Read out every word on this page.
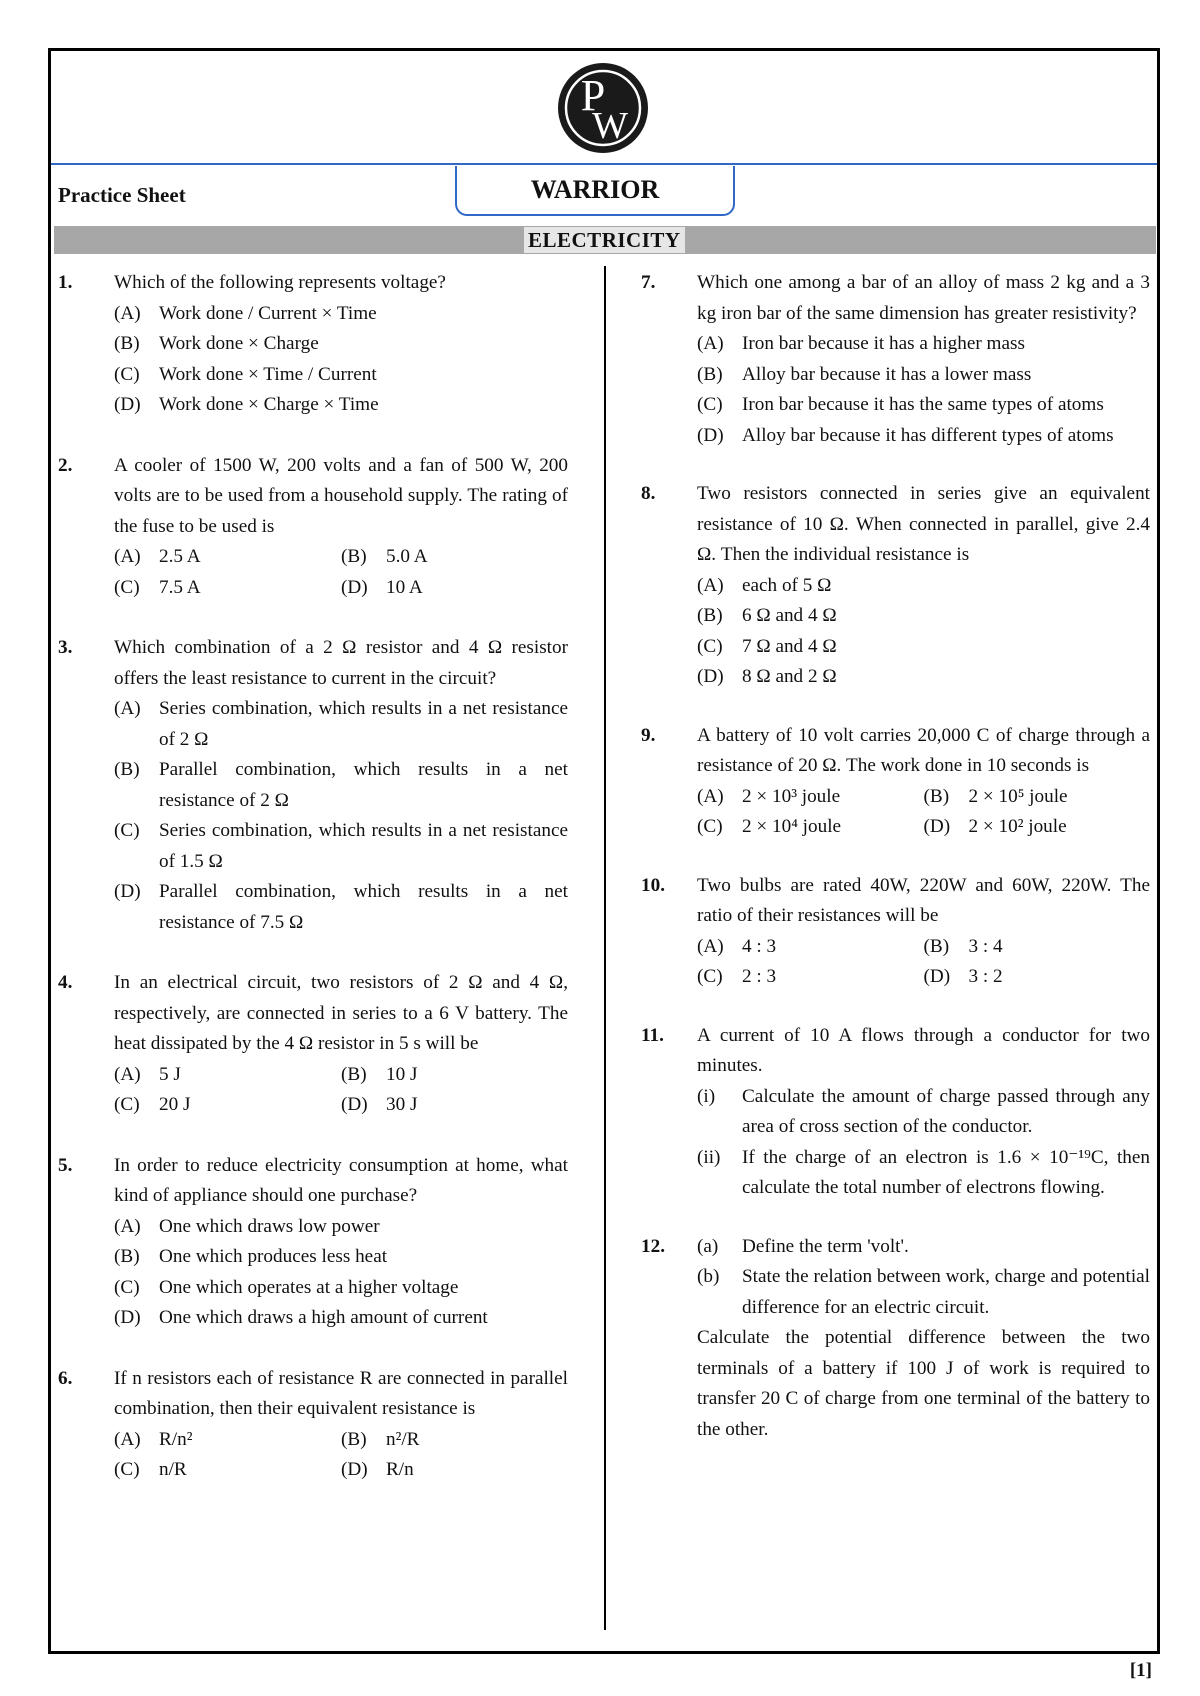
P
W
Practice Sheet	WARRIOR
ELECTRICITY
1. Which of the following represents voltage?
(A) Work done / Current × Time
(B)	Work done × Charge
(C)	Work done × Time / Current
(D) Work done × Charge × Time
2. A cooler of 1500 W, 200 volts and a fan of 500 W, 200 volts are to be used from a household supply. The rating of the fuse to be used is
(A) 2.5 A	(B)	5.0 A
(C)	7.5 A	(D) 10 A
3. Which combination of a 2 Ω resistor and 4 Ω resistor offers the least resistance to current in the circuit?
(A) Series combination, which results in a net resistance of 2 Ω
(B)	Parallel combination, which results in a net resistance of 2 Ω
(C)	Series combination, which results in a net resistance of 1.5 Ω
(D) Parallel combination, which results in a net resistance of 7.5 Ω
4. In an electrical circuit, two resistors of 2 Ω and 4 Ω, respectively, are connected in series to a 6 V battery. The heat dissipated by the 4 Ω resistor in 5 s will be
(A) 5 J	(B)	10 J
(C)	20 J	(D) 30 J
5. In order to reduce electricity consumption at home, what kind of appliance should one purchase?
(A) One which draws low power
(B)	One which produces less heat
(C)	One which operates at a higher voltage
(D) One which draws a high amount of current
6. If n resistors each of resistance R are connected in parallel combination, then their equivalent resistance is
(A) R/n²	(B)	n²/R
(C)	n/R	(D) R/n
7. Which one among a bar of an alloy of mass 2 kg and a 3 kg iron bar of the same dimension has greater resistivity?
(A) Iron bar because it has a higher mass
(B)	Alloy bar because it has a lower mass
(C)	Iron bar because it has the same types of atoms
(D) Alloy bar because it has different types of atoms
8. Two resistors connected in series give an equivalent resistance of 10 Ω. When connected in parallel, give 2.4 Ω. Then the individual resistance is
(A) each of 5 Ω
(B)	6 Ω and 4 Ω
(C)	7 Ω and 4 Ω
(D) 8 Ω and 2 Ω
9. A battery of 10 volt carries 20,000 C of charge through a resistance of 20 Ω. The work done in 10 seconds is
(A) 2 × 10³ joule	(B)	2 × 10⁵ joule
(C)	2 × 10⁴ joule	(D) 2 × 10² joule
10. Two bulbs are rated 40W, 220W and 60W, 220W. The ratio of their resistances will be
(A) 4 : 3	(B)	3 : 4
(C)	2 : 3	(D) 3 : 2
11. A current of 10 A flows through a conductor for two minutes.
(i)	Calculate the amount of charge passed through any area of cross section of the conductor.
(ii)	If the charge of an electron is 1.6 × 10⁻¹⁹C, then calculate the total number of electrons flowing.
12. (a)	Define the term 'volt'.
(b)	State the relation between work, charge and potential difference for an electric circuit.
Calculate the potential difference between the two terminals of a battery if 100 J of work is required to transfer 20 C of charge from one terminal of the battery to the other.
[1]
